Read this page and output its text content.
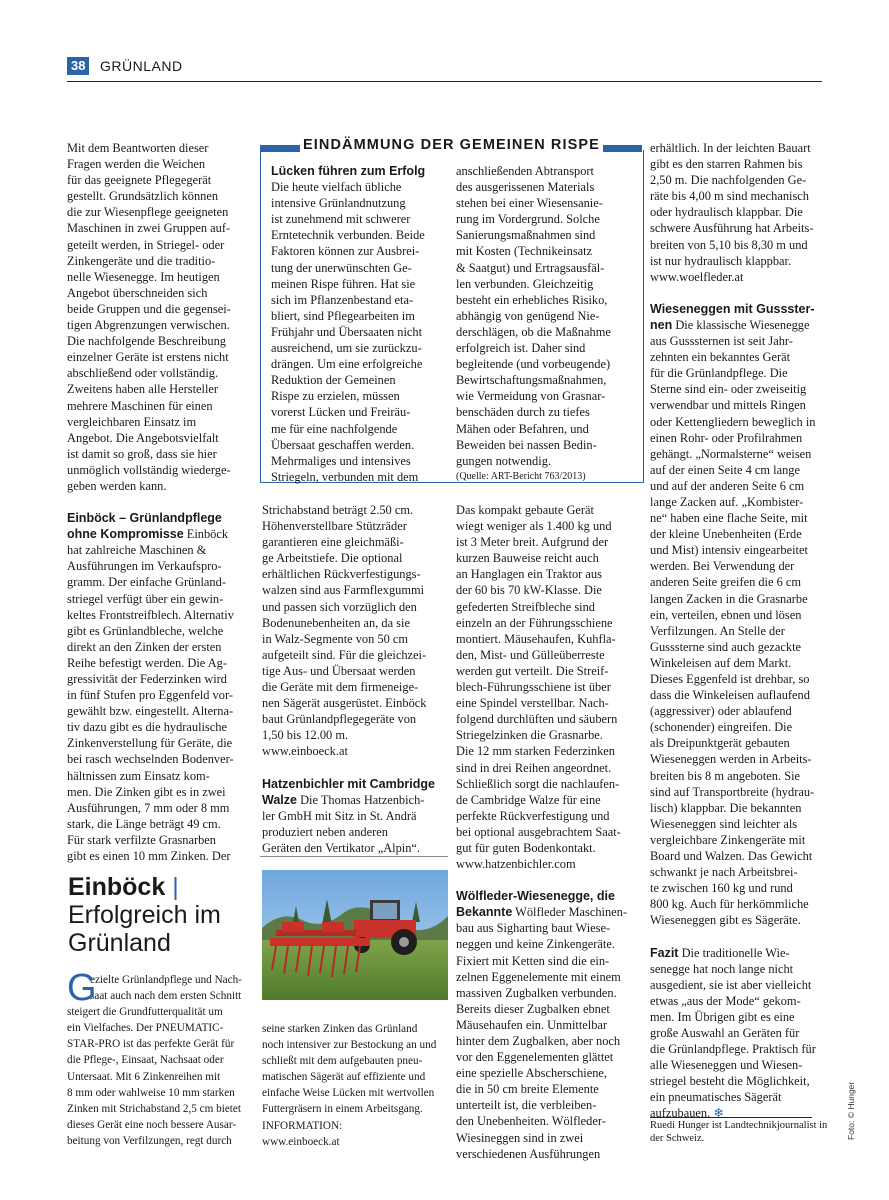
38 GRÜNLAND

Mit dem Beantworten dieser

Fragen werden die Weichen

für das geeignete Pflegegerät

gestellt. Grundsätzlich können

die zur Wiesenpflege geeigneten

Maschinen in zwei Gruppen auf-

geteilt werden, in Striegel- oder

Zinkengeräte und die traditio-

nelle Wiesenegge. Im heutigen

Angebot überschneiden sich

beide Gruppen und die gegensei-

tigen Abgrenzungen verwischen.

Die nachfolgende Beschreibung

einzelner Geräte ist erstens nicht

abschließend oder vollständig.

Zweitens haben alle Hersteller

mehrere Maschinen für einen

vergleichbaren Einsatz im

Angebot. Die Angebotsvielfalt

ist damit so groß, dass sie hier

unmöglich vollständig wiederge-

geben werden kann.

Einböck – Grünlandpflege

ohne Kompromisse Einböck

hat zahlreiche Maschinen &

Ausführungen im Verkaufspro-

gramm. Der einfache Grünland-

striegel verfügt über ein gewin-

keltes Frontstreifblech. Alternativ

gibt es Grünlandbleche, welche

direkt an den Zinken der ersten

Reihe befestigt werden. Die Ag-

gressivität der Federzinken wird

in fünf Stufen pro Eggenfeld vor-

gewählt bzw. eingestellt. Alterna-

tiv dazu gibt es die hydraulische

Zinkenverstellung für Geräte, die

bei rasch wechselnden Bodenver-

hältnissen zum Einsatz kom-

men. Die Zinken gibt es in zwei

Ausführungen, 7 mm oder 8 mm

stark, die Länge beträgt 49 cm.

Für stark verfilzte Grasnarben

gibt es einen 10 mm Zinken. Der

EINDÄMMUNG DER GEMEINEN RISPE

Lücken führen zum Erfolg

Die heute vielfach übliche

intensive Grünlandnutzung

ist zunehmend mit schwerer

Erntetechnik verbunden. Beide

Faktoren können zur Ausbrei-

tung der unerwünschten Ge-

meinen Rispe führen. Hat sie

sich im Pflanzenbestand eta-

bliert, sind Pflegearbeiten im

Frühjahr und Übersaaten nicht

ausreichend, um sie zurückzu-

drängen. Um eine erfolgreiche

Reduktion der Gemeinen

Rispe zu erzielen, müssen

vorerst Lücken und Freiräu-

me für eine nachfolgende

Übersaat geschaffen werden.

Mehrmaliges und intensives

Striegeln, verbunden mit dem

anschließenden Abtransport

des ausgerissenen Materials

stehen bei einer Wiesensanie-

rung im Vordergrund. Solche

Sanierungsmaßnahmen sind

mit Kosten (Technikeinsatz

& Saatgut) und Ertragsausfäl-

len verbunden. Gleichzeitig

besteht ein erhebliches Risiko,

abhängig von genügend Nie-

derschlägen, ob die Maßnahme

erfolgreich ist. Daher sind

begleitende (und vorbeugende)

Bewirtschaftungsmaßnahmen,

wie Vermeidung von Grasnar-

benschäden durch zu tiefes

Mähen oder Befahren, und

Beweiden bei nassen Bedin-

gungen notwendig.

(Quelle: ART-Bericht 763/2013)

Strichabstand beträgt 2.50 cm.

Höhenverstellbare Stützräder

garantieren eine gleichmäßi-

ge Arbeitstiefe. Die optional

erhältlichen Rückverfestigungs-

walzen sind aus Farmflexgummi

und passen sich vorzüglich den

Bodenunebenheiten an, da sie

in Walz-Segmente von 50 cm

aufgeteilt sind. Für die gleichzei-

tige Aus- und Übersaat werden

die Geräte mit dem firmeneige-

nen Sägerät ausgerüstet. Einböck

baut Grünlandpflegegeräte von

1,50 bis 12.00 m.

www.einboeck.at

Hatzenbichler mit Cambridge

Walze Die Thomas Hatzenbich-

ler GmbH mit Sitz in St. Andrä

produziert neben anderen

Geräten den Vertikator „Alpin“.

Das kompakt gebaute Gerät

wiegt weniger als 1.400 kg und

ist 3 Meter breit. Aufgrund der

kurzen Bauweise reicht auch

an Hanglagen ein Traktor aus

der 60 bis 70 kW-Klasse. Die

gefederten Streifbleche sind

einzeln an der Führungsschiene

montiert. Mäusehaufen, Kuhfla-

den, Mist- und Gülleüberreste

werden gut verteilt. Die Streif-

blech-Führungsschiene ist über

eine Spindel verstellbar. Nach-

folgend durchlüften und säubern

Striegelzinken die Grasnarbe.

Die 12 mm starken Federzinken

sind in drei Reihen angeordnet.

Schließlich sorgt die nachlaufen-

de Cambridge Walze für eine

perfekte Rückverfestigung und

bei optional ausgebrachtem Saat-

gut für guten Bodenkontakt.

www.hatzenbichler.com

Wölfleder-Wiesenegge, die

Bekannte Wölfleder Maschinen-

bau aus Sigharting baut Wiese-

neggen und keine Zinkengeräte.

Fixiert mit Ketten sind die ein-

zelnen Eggenelemente mit einem

massiven Zugbalken verbunden.

Bereits dieser Zugbalken ebnet

Mäusehaufen ein. Unmittelbar

hinter dem Zugbalken, aber noch

vor den Eggenelementen glättet

eine spezielle Abscherschiene,

die in 50 cm breite Elemente

unterteilt ist, die verbleiben-

den Unebenheiten. Wölfleder-

Wiesineggen sind in zwei

verschiedenen Ausführungen

erhältlich. In der leichten Bauart

gibt es den starren Rahmen bis

2,50 m. Die nachfolgenden Ge-

räte bis 4,00 m sind mechanisch

oder hydraulisch klappbar. Die

schwere Ausführung hat Arbeits-

breiten von 5,10 bis 8,30 m und

ist nur hydraulisch klappbar.

www.woelfleder.at

Wieseneggen mit Gussster-

nen Die klassische Wiesenegge

aus Gusssternen ist seit Jahr-

zehnten ein bekanntes Gerät

für die Grünlandpflege. Die

Sterne sind ein- oder zweiseitig

verwendbar und mittels Ringen

oder Kettengliedern beweglich in

einen Rohr- oder Profilrahmen

gehängt. „Normalsterne“ weisen

auf der einen Seite 4 cm lange

und auf der anderen Seite 6 cm

lange Zacken auf. „Kombister-

ne“ haben eine flache Seite, mit

der kleine Unebenheiten (Erde

und Mist) intensiv eingearbeitet

werden. Bei Verwendung der

anderen Seite greifen die 6 cm

langen Zacken in die Grasnarbe

ein, verteilen, ebnen und lösen

Verfilzungen. An Stelle der

Gusssterne sind auch gezackte

Winkeleisen auf dem Markt.

Dieses Eggenfeld ist drehbar, so

dass die Winkeleisen auflaufend

(aggressiver) oder ablaufend

(schonender) eingreifen. Die

als Dreipunktgerät gebauten

Wieseneggen werden in Arbeits-

breiten bis 8 m angeboten. Sie

sind auf Transportbreite (hydrau-

lisch) klappbar. Die bekannten

Wieseneggen sind leichter als

vergleichbare Zinkengeräte mit

Board und Walzen. Das Gewicht

schwankt je nach Arbeitsbrei-

te zwischen 160 kg und rund

800 kg. Auch für herkömmliche

Wieseneggen gibt es Sägeräte.

Fazit Die traditionelle Wie-

senegge hat noch lange nicht

ausgedient, sie ist aber vielleicht

etwas „aus der Mode“ gekom-

men. Im Übrigen gibt es eine

große Auswahl an Geräten für

die Grünlandpflege. Praktisch für

alle Wieseneggen und Wiesen-

striegel besteht die Möglichkeit,

ein pneumatisches Sägerät

aufzubauen. ❄

Ruedi Hunger ist Landtechnikjournalist in

der Schweiz.	Foto: © Hunger
Einböck |
Erfolgreich im
Grünland
G

ezielte Grünlandpflege und Nach-

saat auch nach dem ersten Schnitt

steigert die Grundfutterqualität um

ein Vielfaches. Der PNEUMATIC-

STAR-PRO ist das perfekte Gerät für

die Pflege-, Einsaat, Nachsaat oder

Untersaat. Mit 6 Zinkenreihen mit

8 mm oder wahlweise 10 mm starken

Zinken mit Strichabstand 2,5 cm bietet

dieses Gerät eine noch bessere Ausar-

beitung von Verfilzungen, regt durch

seine starken Zinken das Grünland

noch intensiver zur Bestockung an und

schließt mit dem aufgebauten pneu-

matischen Sägerät auf effiziente und

einfache Weise Lücken mit wertvollen

Futtergräsern in einem Arbeitsgang.

INFORMATION:

www.einboeck.at
